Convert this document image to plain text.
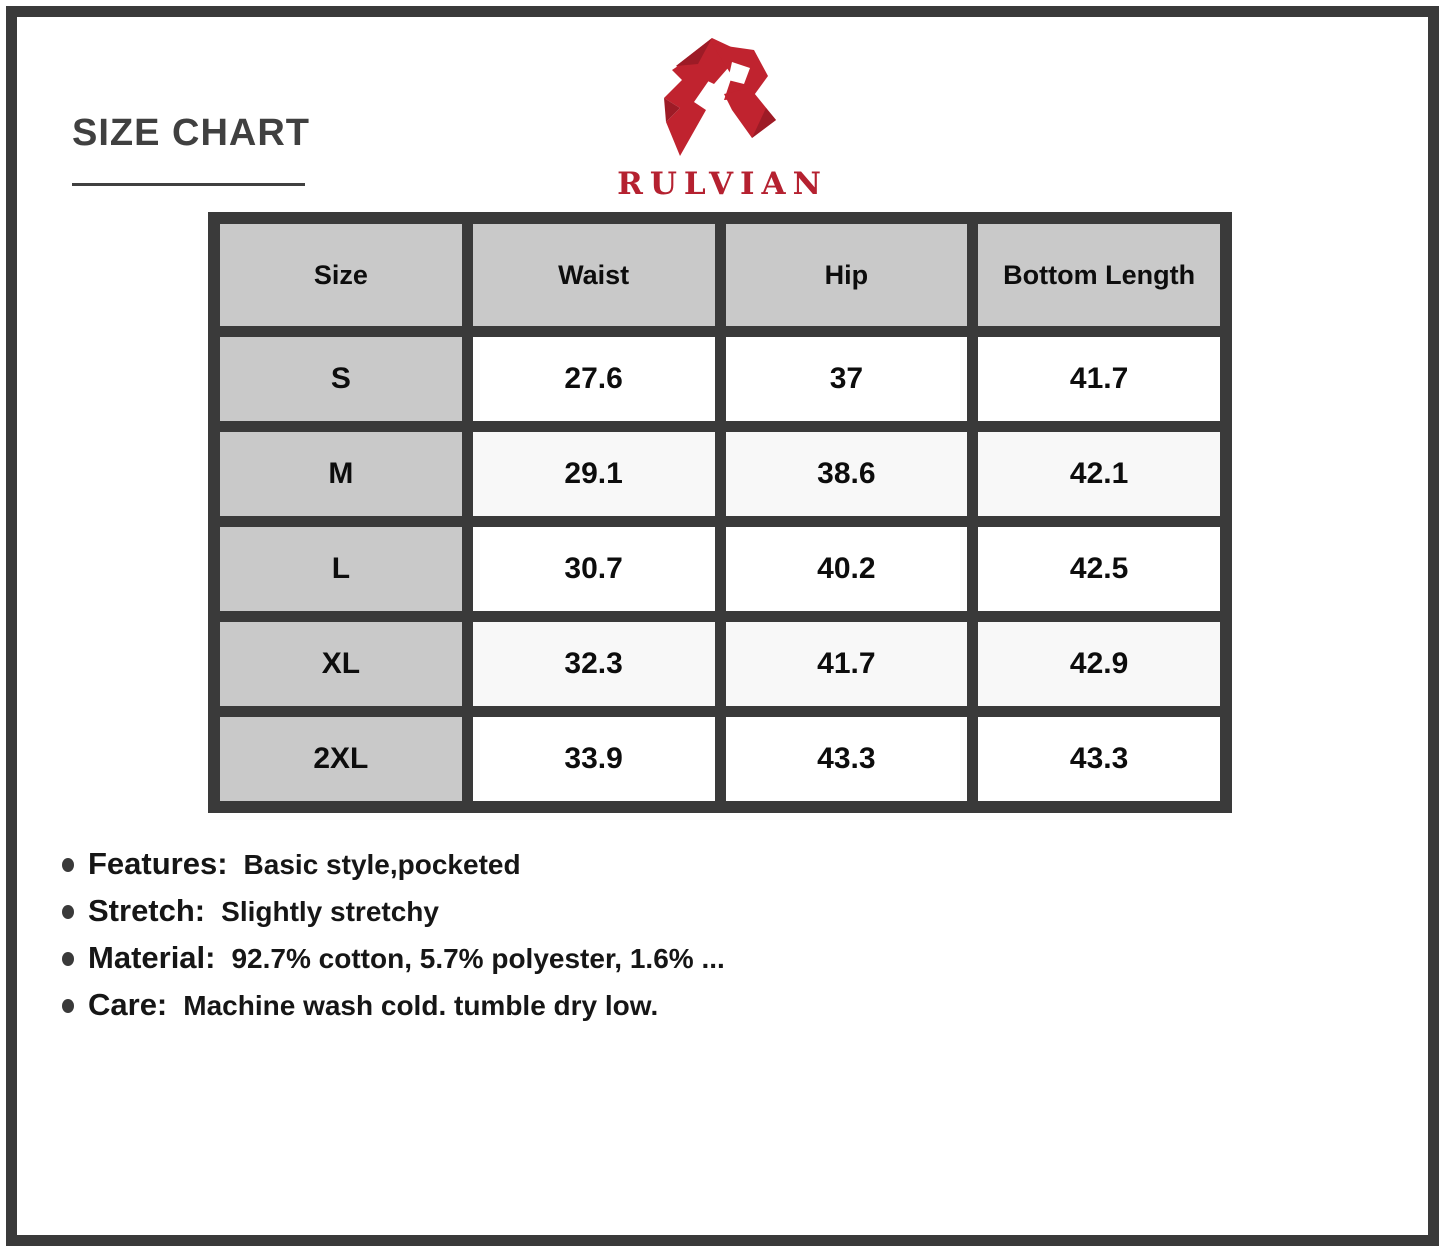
SIZE CHART
RULVIAN
Size	Waist	Hip	Bottom Length
S	27.6	37	41.7
M	29.1	38.6	42.1
L	30.7	40.2	42.5
XL	32.3	41.7	42.9
2XL	33.9	43.3	43.3
Features: Basic style,pocketed
Stretch: Slightly stretchy
Material: 92.7% cotton, 5.7% polyester, 1.6% ...
Care: Machine wash cold. tumble dry low.
